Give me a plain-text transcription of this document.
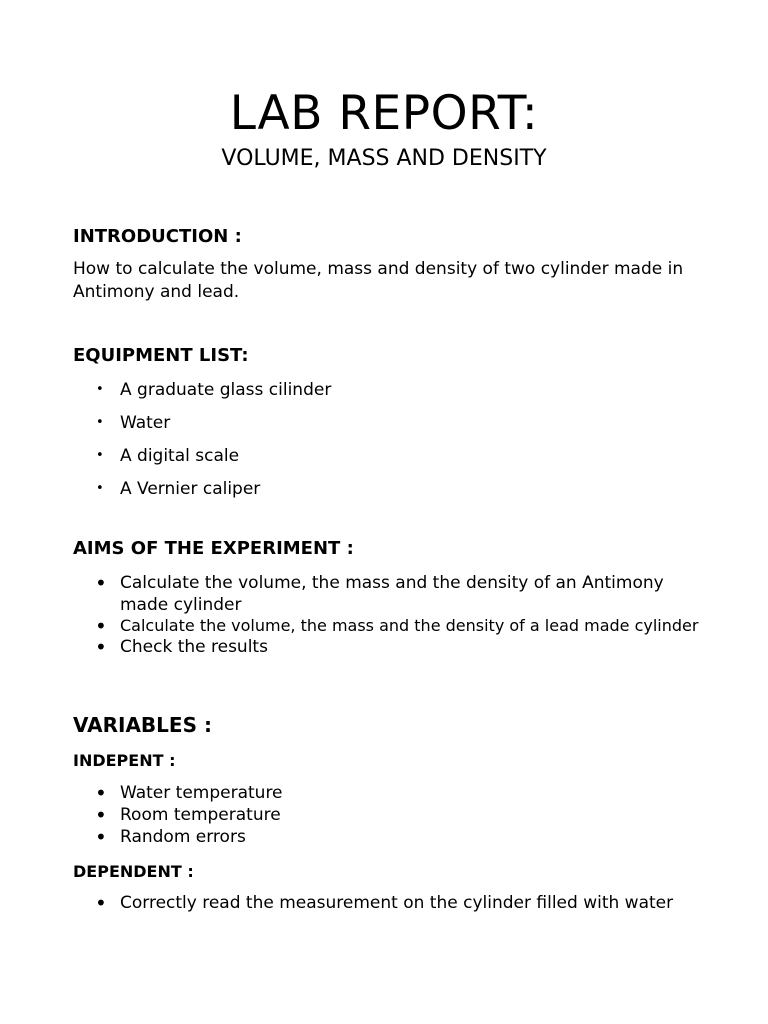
LAB REPORT:
VOLUME, MASS AND DENSITY
INTRODUCTION :

How to calculate the volume, mass and density of two cylinder made in Antimony and lead.

EQUIPMENT LIST:
• A graduate glass cilinder
• Water
• A digital scale
• A Vernier caliper
AIMS OF THE EXPERIMENT :
• Calculate the volume, the mass and the density of an Antimony made cylinder
• Calculate the volume, the mass and the density of a lead made cylinder
• Check the results
VARIABLES :
INDEPENT :
• Water temperature
• Room temperature
• Random errors
DEPENDENT :
• Correctly read the measurement on the cylinder filled with water
